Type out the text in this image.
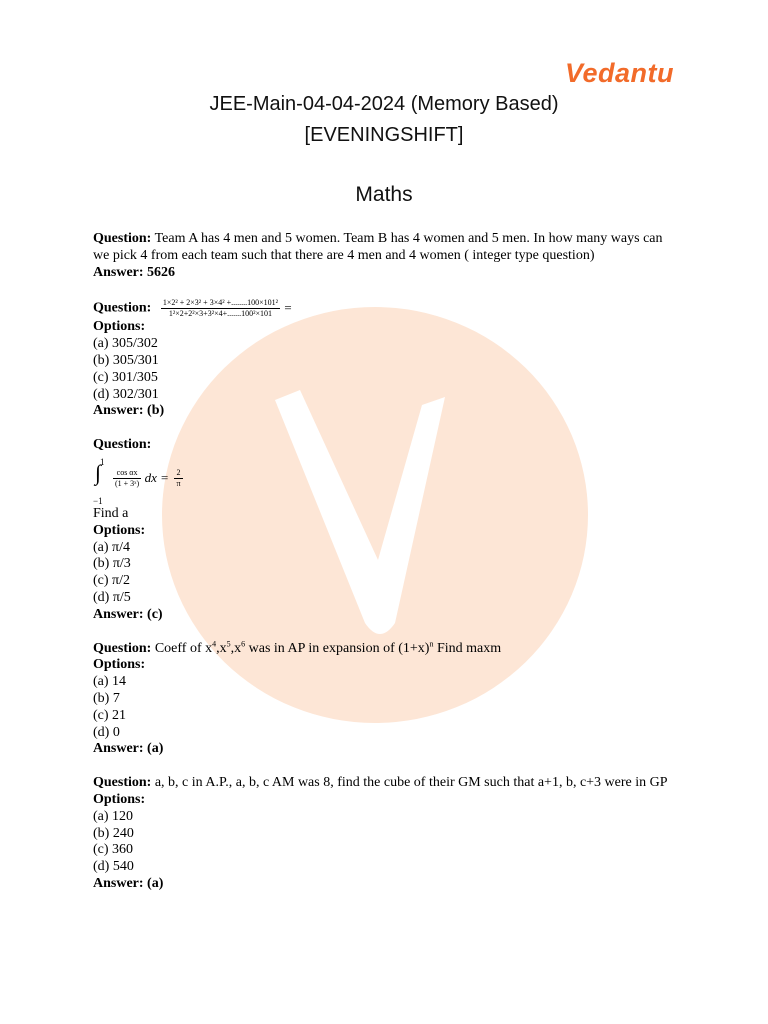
Vedantu
JEE-Main-04-04-2024 (Memory Based)
[EVENINGSHIFT]
Maths

Question: Team A has 4 men and 5 women. Team B has 4 women and 5 men. In how many ways can we pick 4 from each team such that there are 4 men and 4 women ( integer type question)

Answer: 5626

Question: $\frac{\text{1×2² + 2×3² + 3×4² +........100×101²}}{\text{1²×2+2²×3+3²×4+.......100²×101}}$ =

Options:

(a) 305/302

(b) 305/301

(c) 301/305

(d) 302/301

Answer: (b)

Question:

1
∫
−1
$\frac{\text{cos αx}}{\text{(1 + 3ˣ)}}$ dx = $\frac{2}{\pi}$

Find a

Options:

(a) π/4

(b) π/3

(c) π/2

(d) π/5

Answer: (c)

Question: Coeff of $x^4,x^5,x^6$ was in AP in expansion of $(1+x)^n$ Find maxm

Options:

(a) 14

(b) 7

(c) 21

(d) 0

Answer: (a)

Question: a, b, c in A.P., a, b, c AM was 8, find the cube of their GM such that a+1, b, c+3 were in GP

Options:

(a) 120

(b) 240

(c) 360

(d) 540

Answer: (a)
